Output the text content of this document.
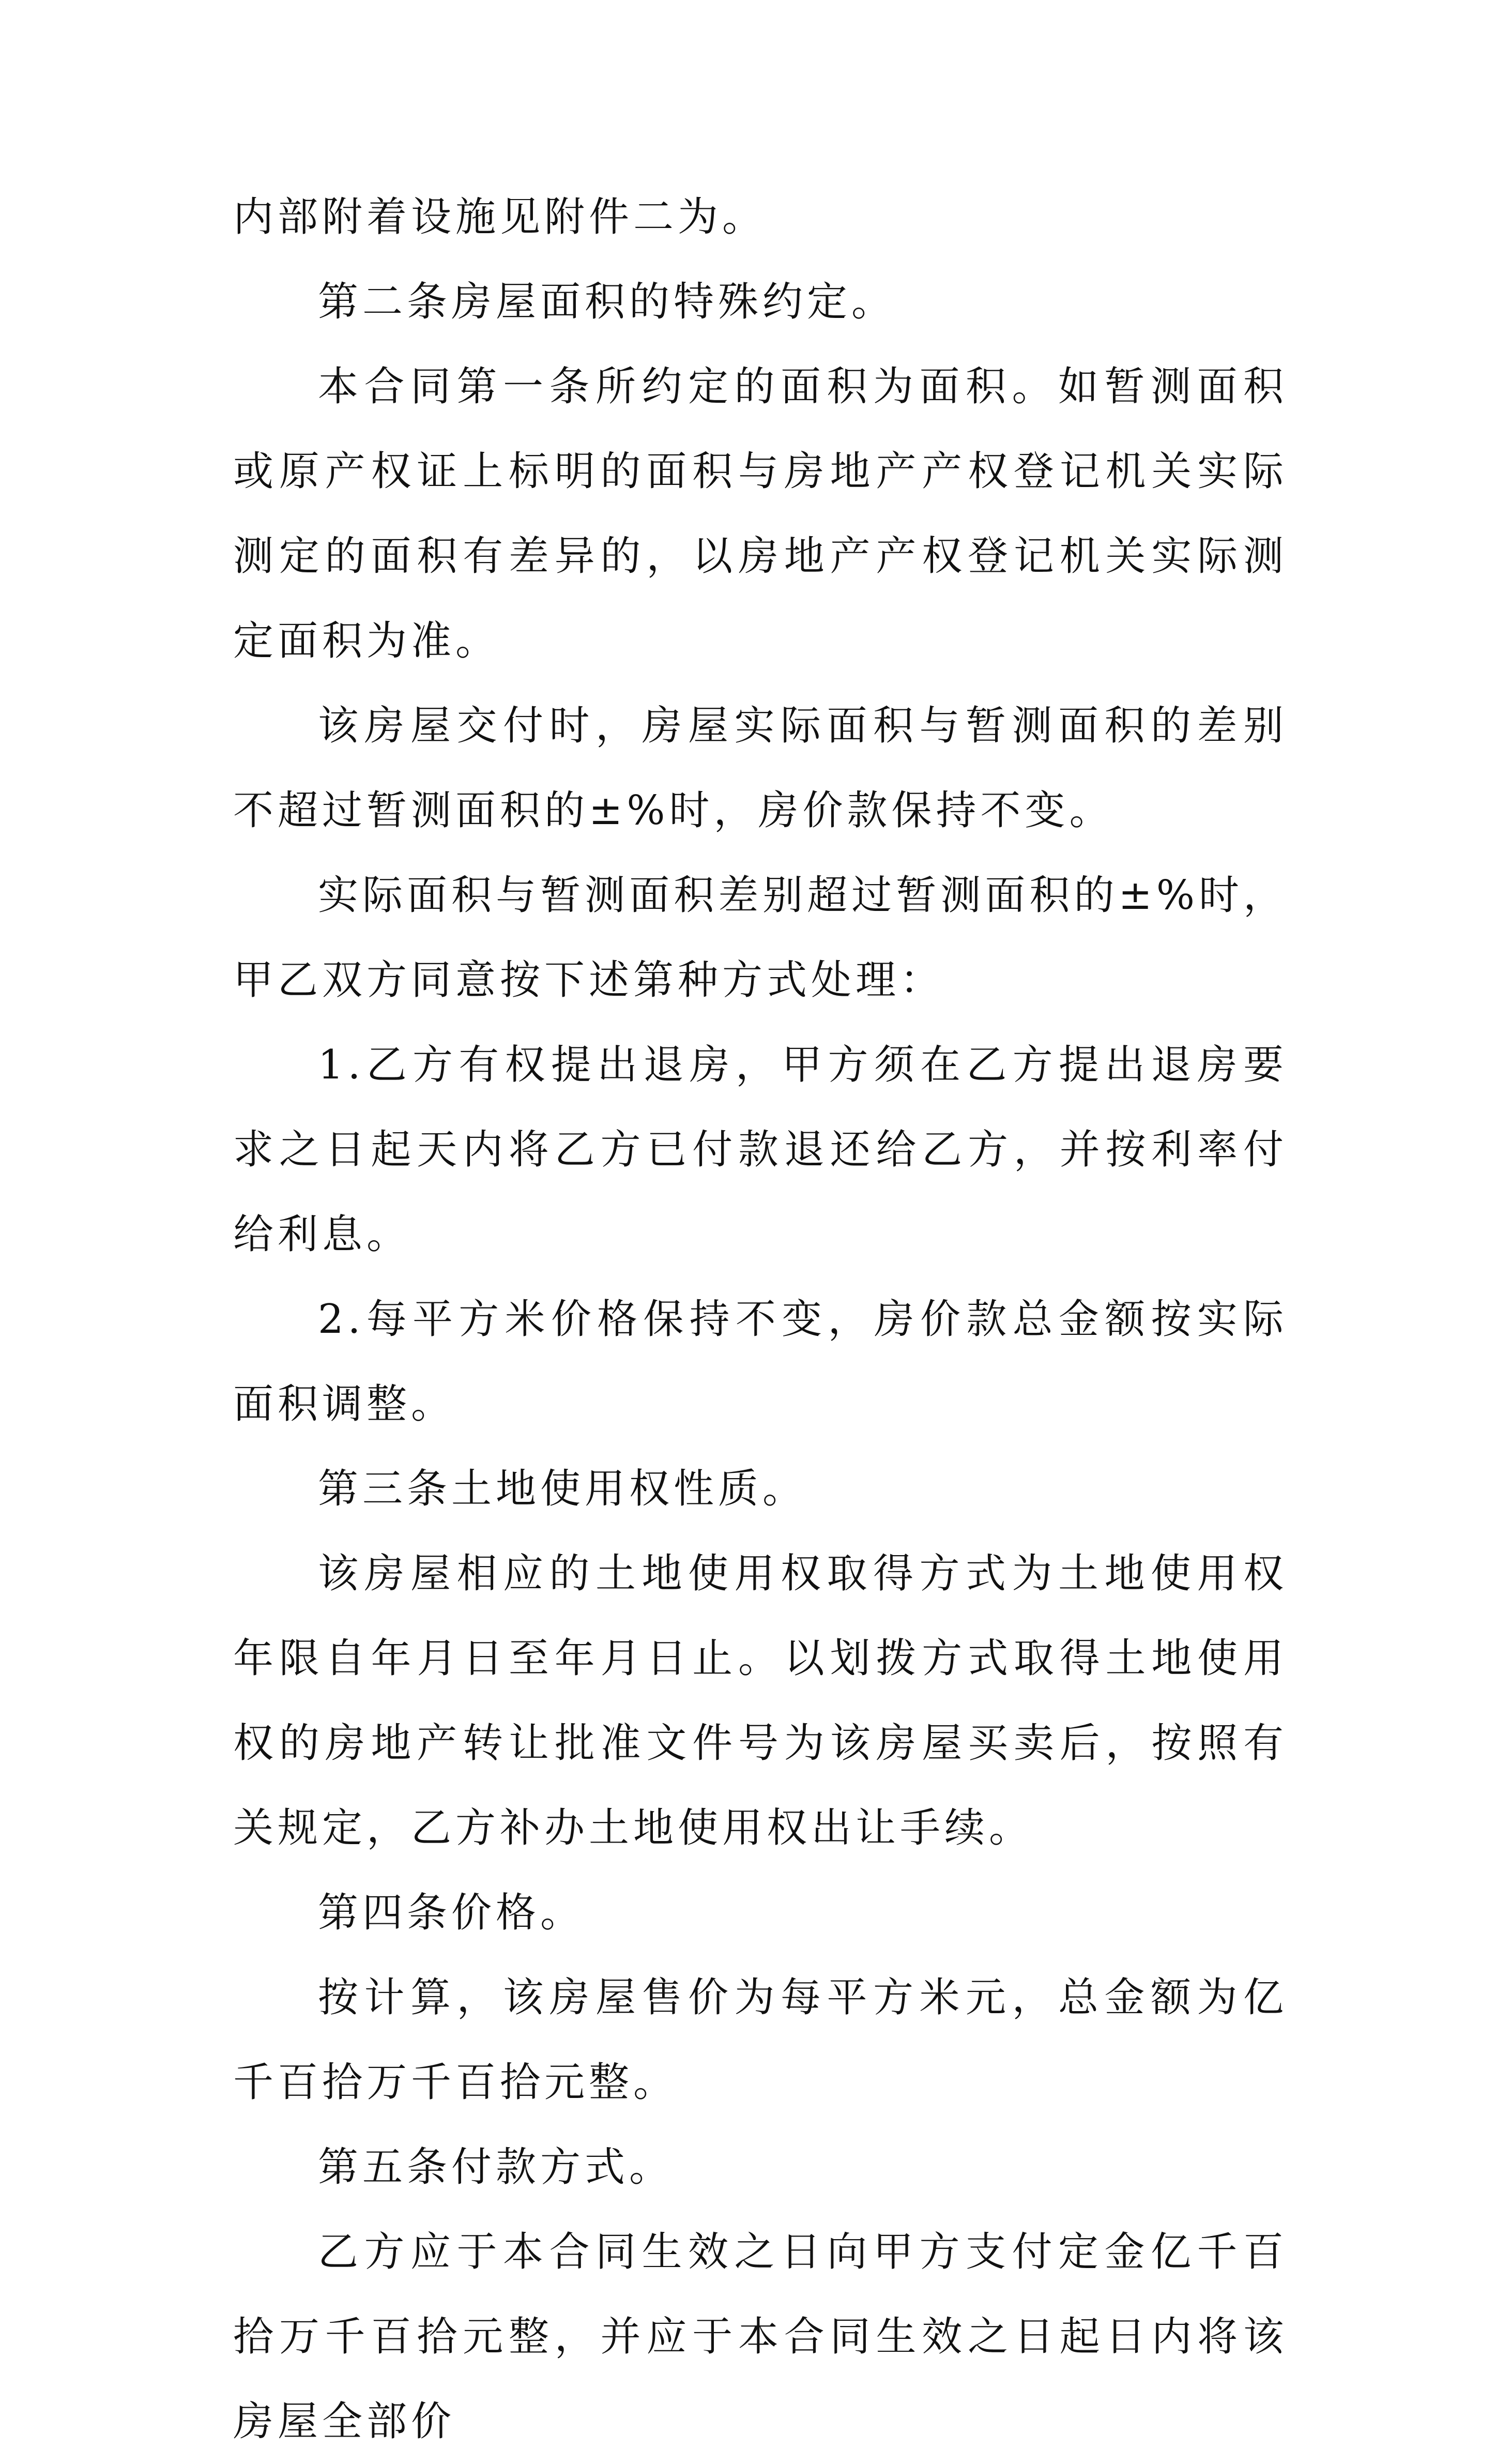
内部附着设施见附件二为。

第二条房屋面积的特殊约定。

本合同第一条所约定的面积为面积。如暂测面积或原产权证上标明的面积与房地产产权登记机关实际测定的面积有差异的，以房地产产权登记机关实际测定面积为准。

该房屋交付时，房屋实际面积与暂测面积的差别不超过暂测面积的±%时，房价款保持不变。

实际面积与暂测面积差别超过暂测面积的±%时，甲乙双方同意按下述第种方式处理：

1.乙方有权提出退房，甲方须在乙方提出退房要求之日起天内将乙方已付款退还给乙方，并按利率付给利息。

2.每平方米价格保持不变，房价款总金额按实际面积调整。

第三条土地使用权性质。

该房屋相应的土地使用权取得方式为土地使用权年限自年月日至年月日止。以划拨方式取得土地使用权的房地产转让批准文件号为该房屋买卖后，按照有关规定，乙方补办土地使用权出让手续。

第四条价格。

按计算，该房屋售价为每平方米元，总金额为亿千百拾万千百拾元整。

第五条付款方式。

乙方应于本合同生效之日向甲方支付定金亿千百拾万千百拾元整，并应于本合同生效之日起日内将该房屋全部价
